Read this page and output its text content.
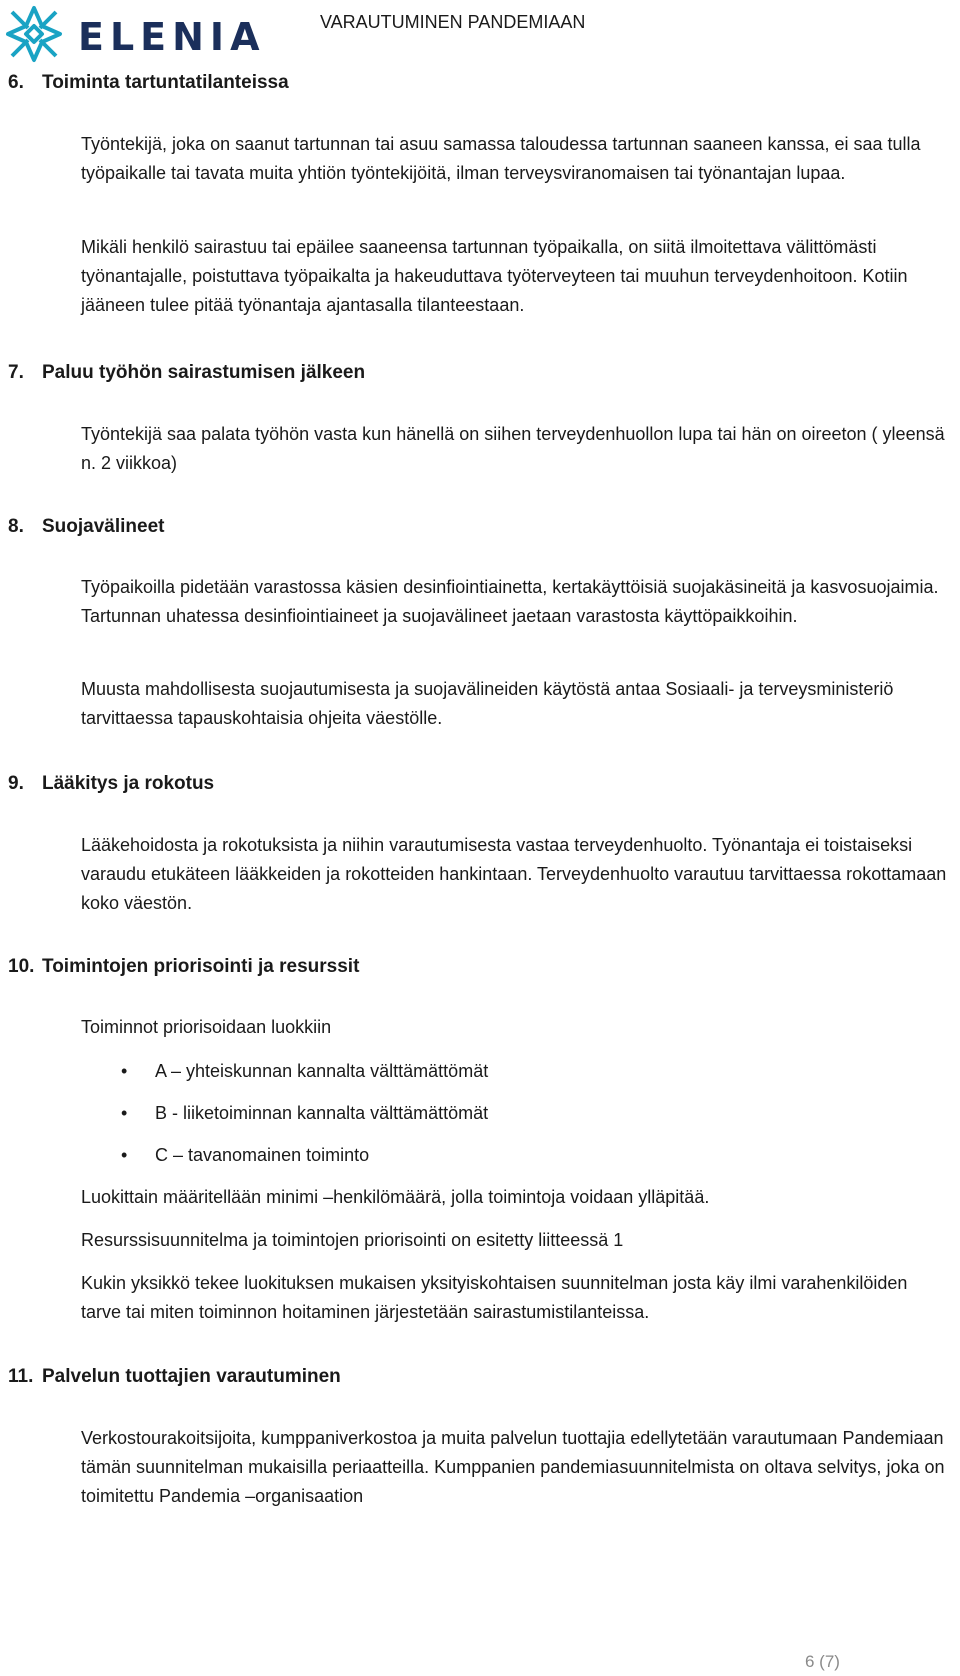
ELENIA	VARAUTUMINEN PANDEMIAAN
6. Toiminta tartuntatilanteissa
Työntekijä, joka on saanut tartunnan tai asuu samassa taloudessa tartunnan saaneen kanssa, ei saa tulla työpaikalle tai tavata muita yhtiön työntekijöitä, ilman terveysviranomaisen tai työnantajan lupaa.
Mikäli henkilö sairastuu tai epäilee saaneensa tartunnan työpaikalla, on siitä ilmoitettava välittömästi työnantajalle, poistuttava työpaikalta ja hakeuduttava työterveyteen tai muuhun terveydenhoitoon. Kotiin jääneen tulee pitää työnantaja ajantasalla tilanteestaan.
7. Paluu työhön sairastumisen jälkeen
Työntekijä saa palata työhön vasta kun hänellä on siihen terveydenhuollon lupa tai hän on oireeton ( yleensä n. 2 viikkoa)
8. Suojavälineet
Työpaikoilla pidetään varastossa käsien desinfiointiainetta, kertakäyttöisiä suojakäsineitä ja kasvosuojaimia. Tartunnan uhatessa desinfiointiaineet ja suojavälineet jaetaan varastosta käyttöpaikkoihin.
Muusta mahdollisesta suojautumisesta ja suojavälineiden käytöstä antaa Sosiaali- ja terveysministeriö tarvittaessa tapauskohtaisia ohjeita väestölle.
9. Lääkitys ja rokotus
Lääkehoidosta ja rokotuksista ja niihin varautumisesta vastaa terveydenhuolto. Työnantaja ei toistaiseksi varaudu etukäteen lääkkeiden ja rokotteiden hankintaan. Terveydenhuolto varautuu tarvittaessa rokottamaan koko väestön.
10. Toimintojen priorisointi ja resurssit
Toiminnot priorisoidaan luokkiin
• A – yhteiskunnan kannalta välttämättömät
• B - liiketoiminnan kannalta välttämättömät
• C – tavanomainen toiminto
Luokittain määritellään minimi –henkilömäärä, jolla toimintoja voidaan ylläpitää.
Resurssisuunnitelma ja toimintojen priorisointi on esitetty liitteessä 1
Kukin yksikkö tekee luokituksen mukaisen yksityiskohtaisen suunnitelman josta käy ilmi varahenkilöiden tarve tai miten toiminnon hoitaminen järjestetään sairastumistilanteissa.
11. Palvelun tuottajien varautuminen
Verkostourakoitsijoita, kumppaniverkostoa ja muita palvelun tuottajia edellytetään varautumaan Pandemiaan tämän suunnitelman mukaisilla periaatteilla. Kumppanien pandemiasuunnitelmista on oltava selvitys, joka on toimitettu Pandemia –organisaation
6 (7)
